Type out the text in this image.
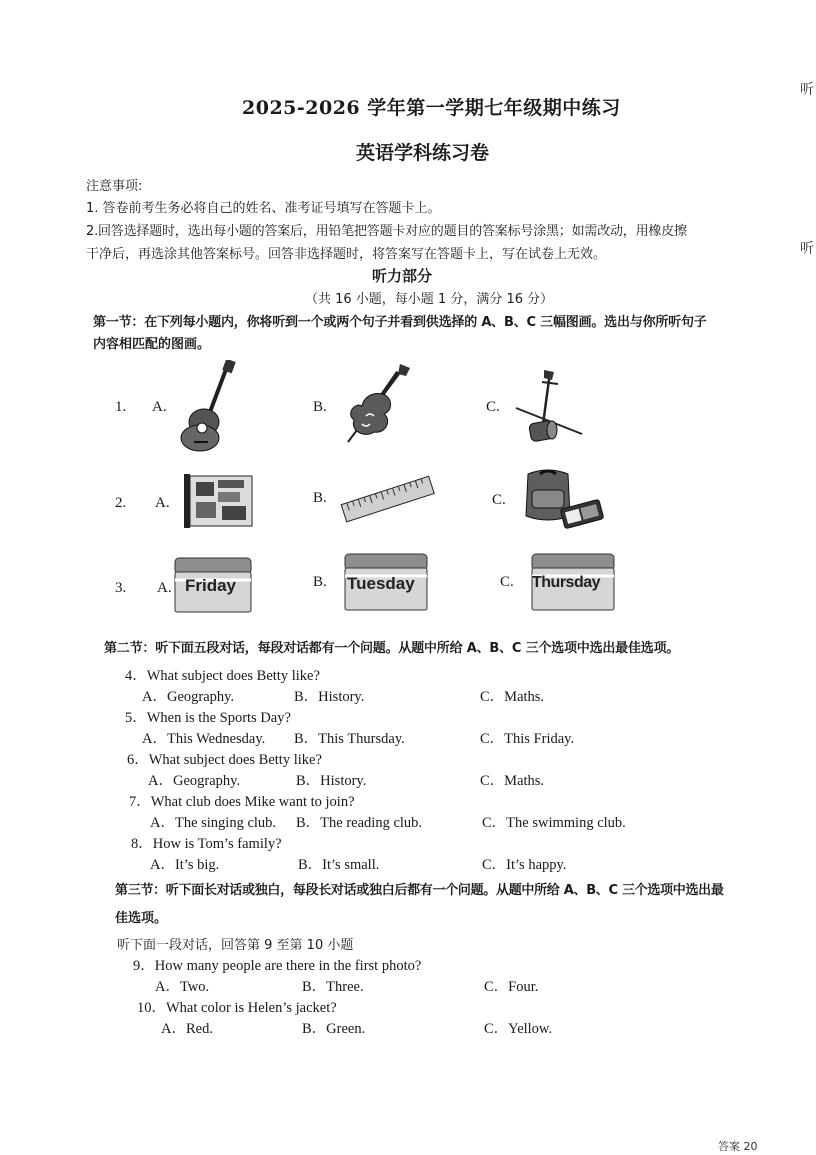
听
听
2025-2026 学年第一学期七年级期中练习
英语学科练习卷
注意事项:
1. 答卷前考生务必将自己的姓名、准考证号填写在答题卡上。
2.回答选择题时，选出每小题的答案后，用铅笔把答题卡对应的题目的答案标号涂黑；如需改动，用橡皮擦
干净后，再选涂其他答案标号。回答非选择题时，将答案写在答题卡上，写在试卷上无效。
听力部分
（共 16 小题，每小题 1 分，满分 16 分）
第一节：在下列每小题内，你将听到一个或两个句子并看到供选择的 A、B、C 三幅图画。选出与你所听句子
内容相匹配的图画。
1. A.	B.	C.
2. A.	B.	C.
3. A.	B.	C.
Friday	Tuesday	Thursday
第二节：听下面五段对话，每段对话都有一个问题。从题中所给 A、B、C 三个选项中选出最佳选项。
4．What subject does Betty like?
A．Geography.	B．History.	C．Maths.
5．When is the Sports Day?
A．This Wednesday. B．This Thursday.	C．This Friday.
6．What subject does Betty like?
A．Geography.	B．History.	C．Maths.
7．What club does Mike want to join?
A．The singing club. B．The reading club.	C．The swimming club.
8．How is Tom’s family?
A．It’s big.	B．It’s small.	C．It’s happy.
第三节：听下面长对话或独白，每段长对话或独白后都有一个问题。从题中所给 A、B、C 三个选项中选出最
佳选项。
听下面一段对话，回答第 9 至第 10 小题
9．How many people are there in the first photo?
A．Two.	B．Three.	C．Four.
10．What color is Helen’s jacket?
A．Red.	B．Green.	C．Yellow.
答案 20
